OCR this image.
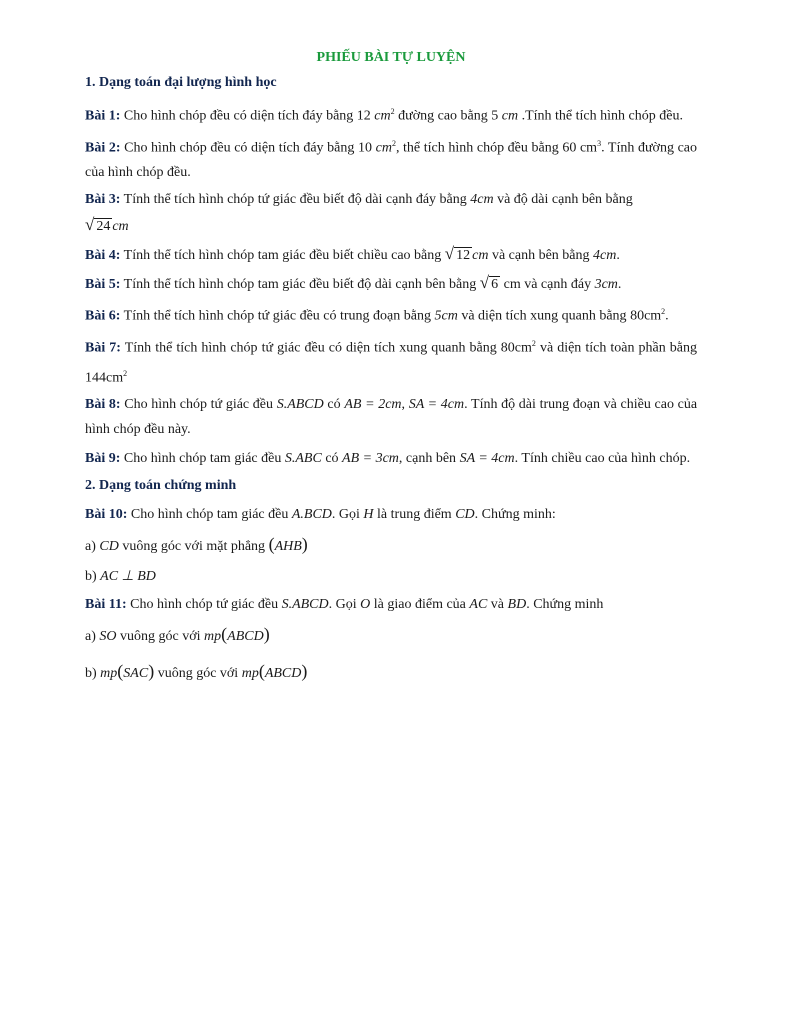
PHIẾU BÀI TỰ LUYỆN
1. Dạng toán đại lượng hình học
Bài 1: Cho hình chóp đều có diện tích đáy bằng 12 $cm^2$ đường cao bằng 5 cm .Tính thể tích hình chóp đều.
Bài 2: Cho hình chóp đều có diện tích đáy bằng 10 $cm^2$, thể tích hình chóp đều bằng 60 $cm^3$. Tính đường cao của hình chóp đều.
Bài 3: Tính thể tích hình chóp tứ giác đều biết độ dài cạnh đáy bằng 4cm và độ dài cạnh bên bằng
√ 24 cm
Bài 4: Tính thể tích hình chóp tam giác đều biết chiều cao bằng √ 12 cm và cạnh bên bằng 4cm.
Bài 5: Tính thể tích hình chóp tam giác đều biết độ dài cạnh bên bằng √ 6 cm và cạnh đáy 3cm.
Bài 6: Tính thể tích hình chóp tứ giác đều có trung đoạn bằng 5cm và diện tích xung quanh bằng $80cm^2$.
Bài 7: Tính thể tích hình chóp tứ giác đều có diện tích xung quanh bằng $80cm^2$ và diện tích toàn phần bằng $144cm^2$
Bài 8: Cho hình chóp tứ giác đều S.ABCD có AB = 2cm, SA = 4cm. Tính độ dài trung đoạn và chiều cao của hình chóp đều này.
Bài 9: Cho hình chóp tam giác đều S.ABC có AB = 3cm, cạnh bên SA = 4cm. Tính chiều cao của hình chóp.
2. Dạng toán chứng minh
Bài 10: Cho hình chóp tam giác đều A.BCD. Gọi H là trung điểm CD. Chứng minh:
a) CD vuông góc với mặt phẳng (AHB)
b) AC ⊥ BD
Bài 11: Cho hình chóp tứ giác đều S.ABCD. Gọi O là giao điểm của AC và BD. Chứng minh
a) SO vuông góc với mp(ABCD)
b) mp(SAC) vuông góc với mp(ABCD)
